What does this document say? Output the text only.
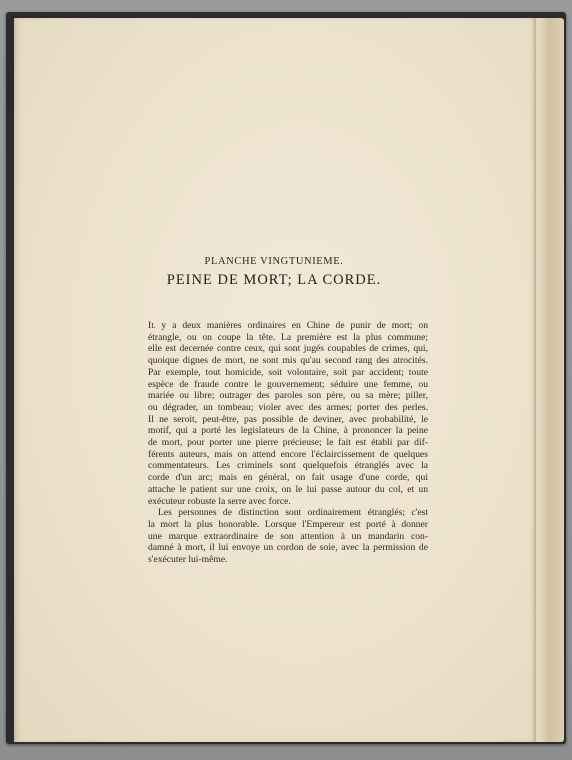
PLANCHE VINGTUNIEME.
PEINE DE MORT; LA CORDE.
Il y a deux manières ordinaires en Chine de punir de mort; on
étrangle, ou on coupe la tête. La première est la plus commune;
elle est decernée contre ceux, qui sont jugés coupables de crimes, qui,
quoique dignes de mort, ne sont mis qu'au second rang des atrocités.
Par exemple, tout homicide, soit volontaire, soit par accident; toute
espèce de fraude contre le gouvernement; séduire une femme, ou
mariée ou libre; outrager des paroles son père, ou sa mère; piller,
ou dégrader, un tombeau; violer avec des armes; porter des perles.
Il ne seroit, peut-être, pas possible de deviner, avec probabilité, le
motif, qui a porté les legislateurs de la Chine, à prononcer la peine
de mort, pour porter une pierre précieuse; le fait est établi par dif-
férents auteurs, mais on attend encore l'éclaircissement de quelques
commentateurs. Les criminels sont quelquefois étranglés avec la
corde d'un arc; mais en général, on fait usage d'une corde, qui
attache le patient sur une croix, on le lui passe autour du col, et un
exécuteur robuste la serre avec force.
Les personnes de distinction sont ordinairement étranglés; c'est
la mort la plus honorable. Lorsque l'Empereur est porté à donner
une marque extraordinaire de son attention à un mandarin con-
damné à mort, il lui envoye un cordon de soie, avec la permission de
s'exécuter lui-même.
